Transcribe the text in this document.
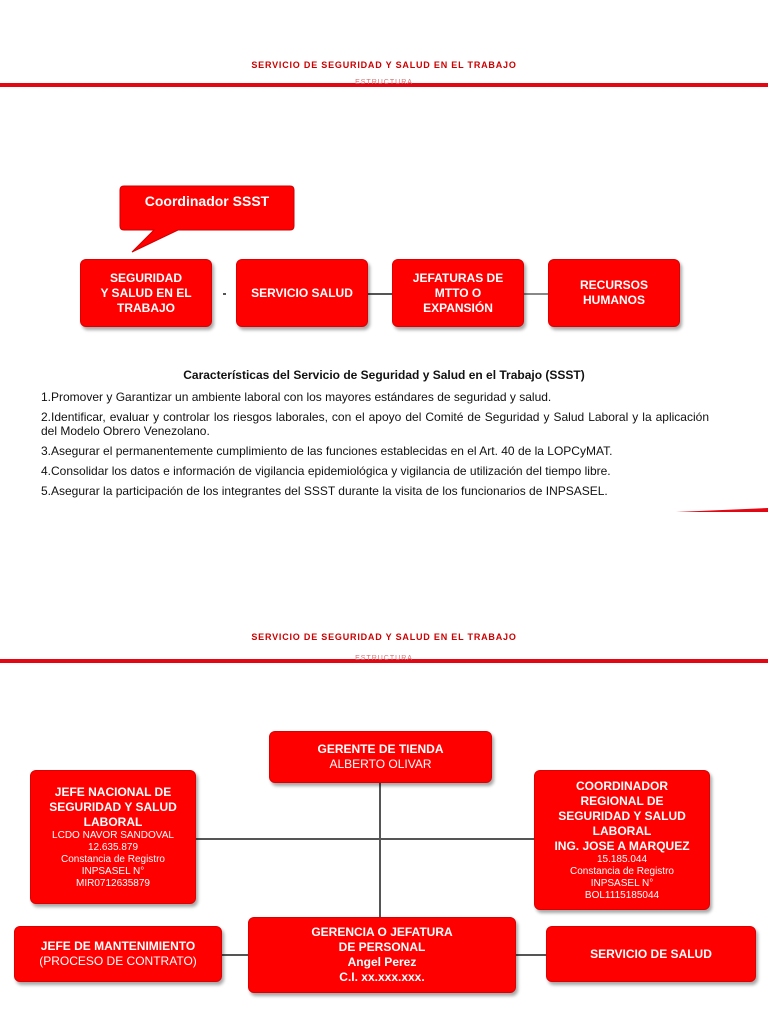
SERVICIO DE SEGURIDAD Y SALUD EN EL TRABAJO
ESTRUCTURA
Coordinador SSST
SEGURIDAD
Y SALUD EN EL
TRABAJO
SERVICIO SALUD
JEFATURAS DE
MTTO O
EXPANSIÓN
RECURSOS
HUMANOS
Características del Servicio de Seguridad y Salud en el Trabajo (SSST)
1.Promover y Garantizar un ambiente laboral con los mayores estándares de seguridad y salud.
2.Identificar, evaluar y controlar los riesgos laborales, con el apoyo del Comité de Seguridad y Salud Laboral y la aplicación del Modelo Obrero Venezolano.
3.Asegurar el permanentemente cumplimiento de las funciones establecidas en el Art. 40 de la LOPCyMAT.
4.Consolidar los datos e información de vigilancia epidemiológica y vigilancia de utilización del tiempo libre.
5.Asegurar la participación de los integrantes del SSST durante la visita de los funcionarios de INPSASEL.
SERVICIO DE SEGURIDAD Y SALUD EN EL TRABAJO
ESTRUCTURA
GERENTE DE TIENDA
ALBERTO OLIVAR
JEFE NACIONAL DE
SEGURIDAD Y SALUD
LABORAL
LCDO NAVOR SANDOVAL
12.635.879
Constancia de Registro
INPSASEL N°
MIR0712635879
COORDINADOR
REGIONAL DE
SEGURIDAD Y SALUD
LABORAL
ING. JOSE A MARQUEZ
15.185.044
Constancia de Registro
INPSASEL N°
BOL1115185044
GERENCIA O JEFATURA
DE PERSONAL
Angel Perez
C.I. xx.xxx.xxx.
JEFE DE MANTENIMIENTO
(PROCESO DE CONTRATO)
SERVICIO DE SALUD
